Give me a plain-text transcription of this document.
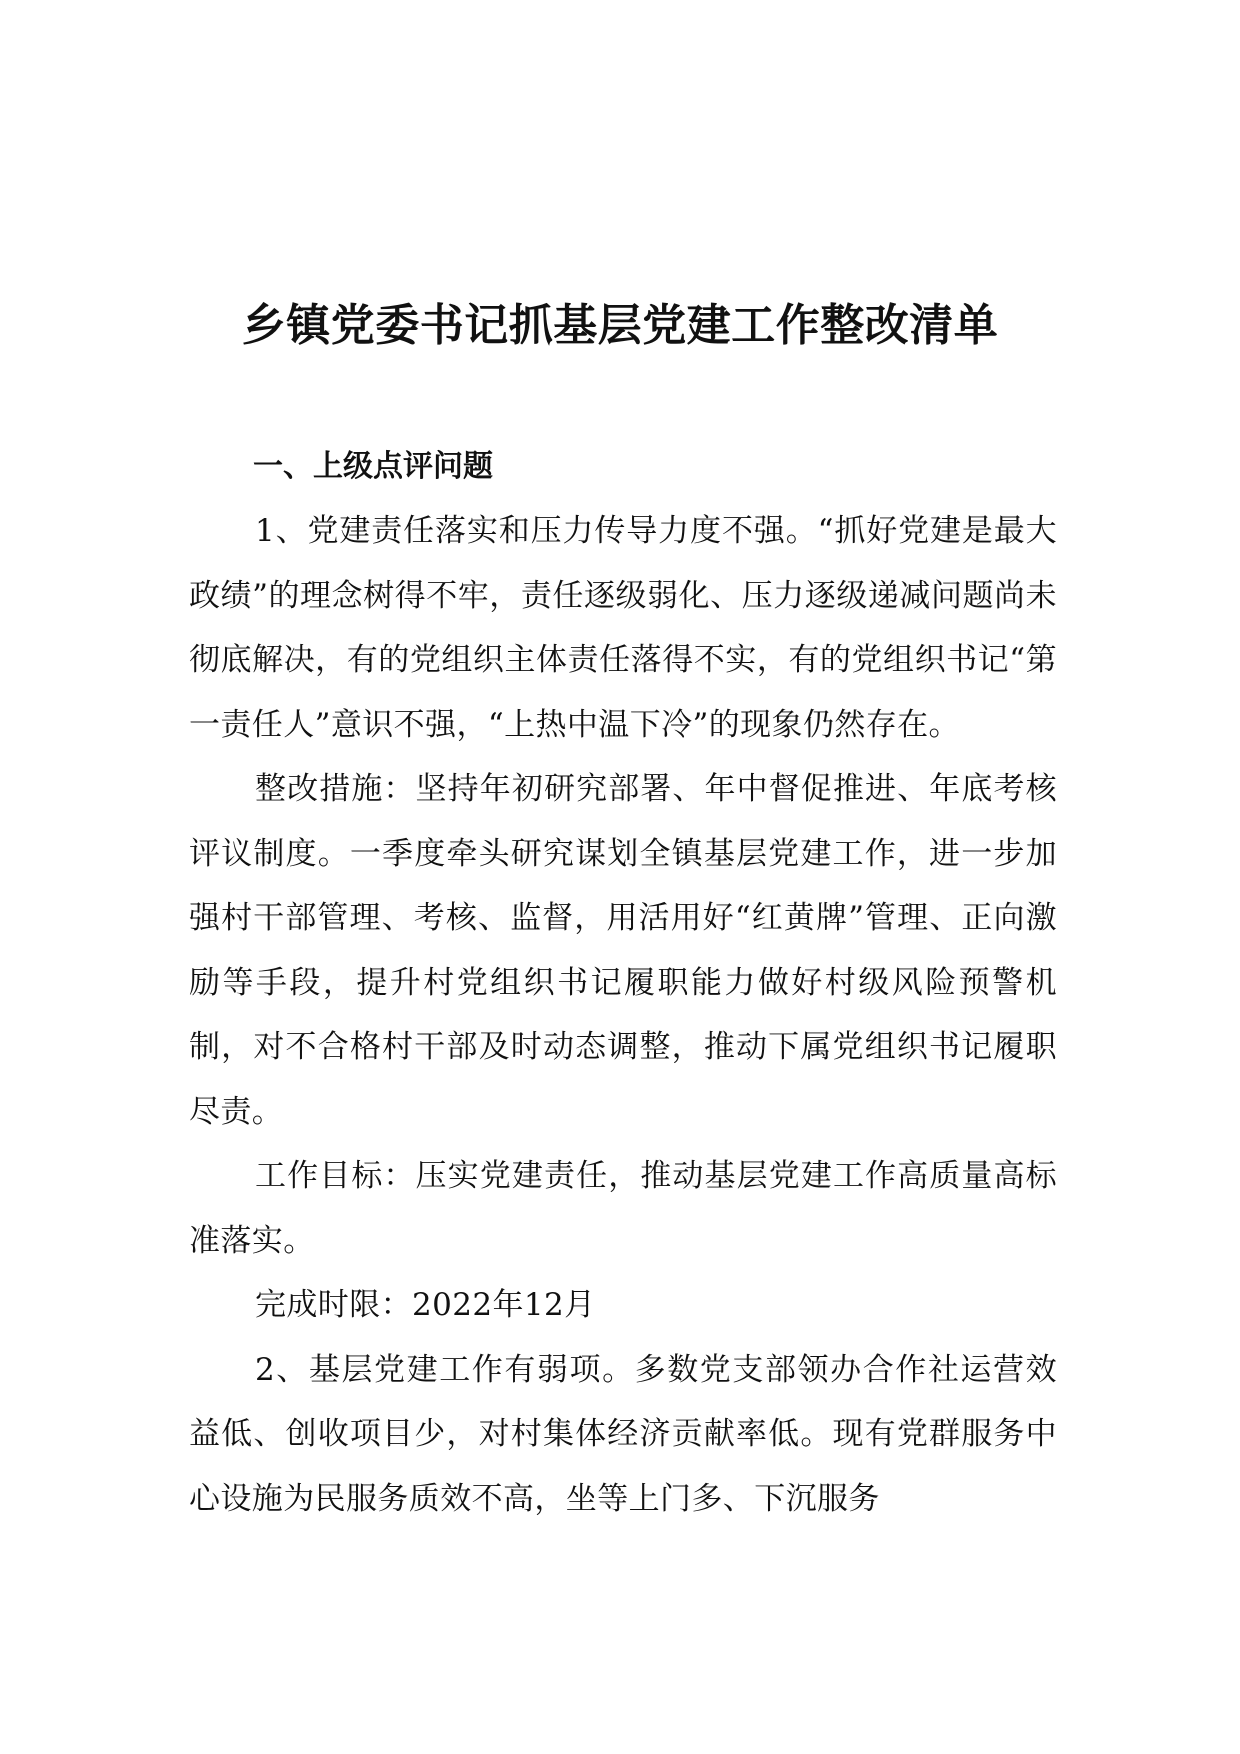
乡镇党委书记抓基层党建工作整改清单
一、上级点评问题

1、党建责任落实和压力传导力度不强。“抓好党建是最大政绩”的理念树得不牢，责任逐级弱化、压力逐级递减问题尚未彻底解决，有的党组织主体责任落得不实，有的党组织书记“第一责任人”意识不强，“上热中温下冷”的现象仍然存在。

整改措施：坚持年初研究部署、年中督促推进、年底考核评议制度。一季度牵头研究谋划全镇基层党建工作，进一步加强村干部管理、考核、监督，用活用好“红黄牌”管理、正向激励等手段，提升村党组织书记履职能力做好村级风险预警机制，对不合格村干部及时动态调整，推动下属党组织书记履职尽责。

工作目标：压实党建责任，推动基层党建工作高质量高标准落实。

完成时限：2022年12月

2、基层党建工作有弱项。多数党支部领办合作社运营效益低、创收项目少，对村集体经济贡献率低。现有党群服务中心设施为民服务质效不高，坐等上门多、下沉服务
